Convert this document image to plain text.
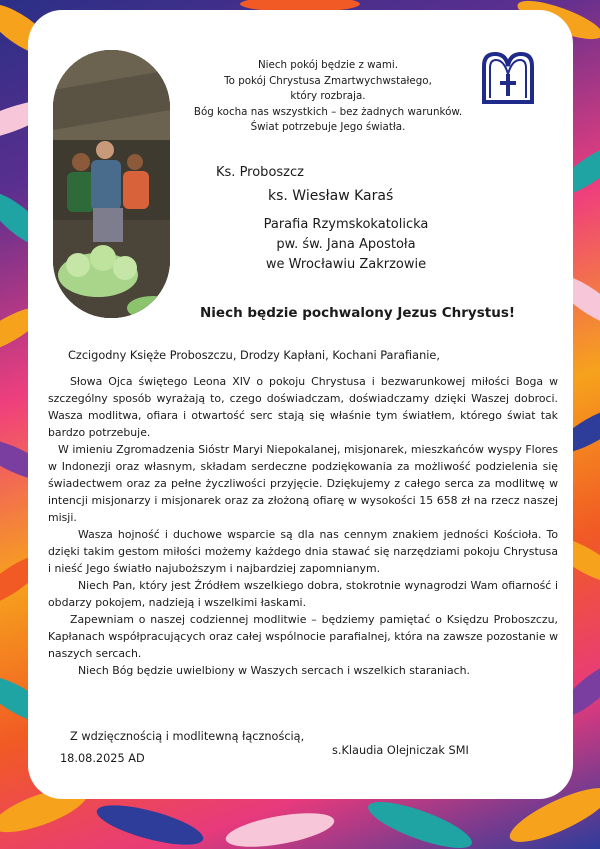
Niech pokój będzie z wami.
To pokój Chrystusa Zmartwychwstałego,
który rozbraja.
Bóg kocha nas wszystkich – bez żadnych warunków.
Świat potrzebuje Jego światła.
Ks. Proboszcz
ks. Wiesław Karaś
Parafia Rzymskokatolicka
pw. św. Jana Apostoła
we Wrocławiu Zakrzowie
Niech będzie pochwalony Jezus Chrystus!
Czcigodny Księże Proboszczu, Drodzy Kapłani, Kochani Parafianie,

Słowa Ojca świętego Leona XIV o pokoju Chrystusa i bezwarunkowej miłości Boga w szczególny sposób wyrażają to, czego doświadczam, doświadczamy dzięki Waszej dobroci. Wasza modlitwa, ofiara i otwartość serc stają się właśnie tym światłem, którego świat tak bardzo potrzebuje.

W imieniu Zgromadzenia Sióstr Maryi Niepokalanej, misjonarek, mieszkańców wyspy Flores w Indonezji oraz własnym, składam serdeczne podziękowania za możliwość podzielenia się świadectwem oraz za pełne życzliwości przyjęcie. Dziękujemy z całego serca za modlitwę w intencji misjonarzy i misjonarek oraz za złożoną ofiarę w wysokości 15 658 zł na rzecz naszej misji.

Wasza hojność i duchowe wsparcie są dla nas cennym znakiem jedności Kościoła. To dzięki takim gestom miłości możemy każdego dnia stawać się narzędziami pokoju Chrystusa i nieść Jego światło najuboższym i najbardziej zapomnianym.

Niech Pan, który jest Źródłem wszelkiego dobra, stokrotnie wynagrodzi Wam ofiarność i obdarzy pokojem, nadzieją i wszelkimi łaskami.

Zapewniam o naszej codziennej modlitwie – będziemy pamiętać o Księdzu Proboszczu, Kapłanach współpracujących oraz całej wspólnocie parafialnej, która na zawsze pozostanie w naszych sercach.

Niech Bóg będzie uwielbiony w Waszych sercach i wszelkich staraniach.

Z wdzięcznością i modlitewną łącznością,
18.08.2025 AD
s.Klaudia Olejniczak SMI
